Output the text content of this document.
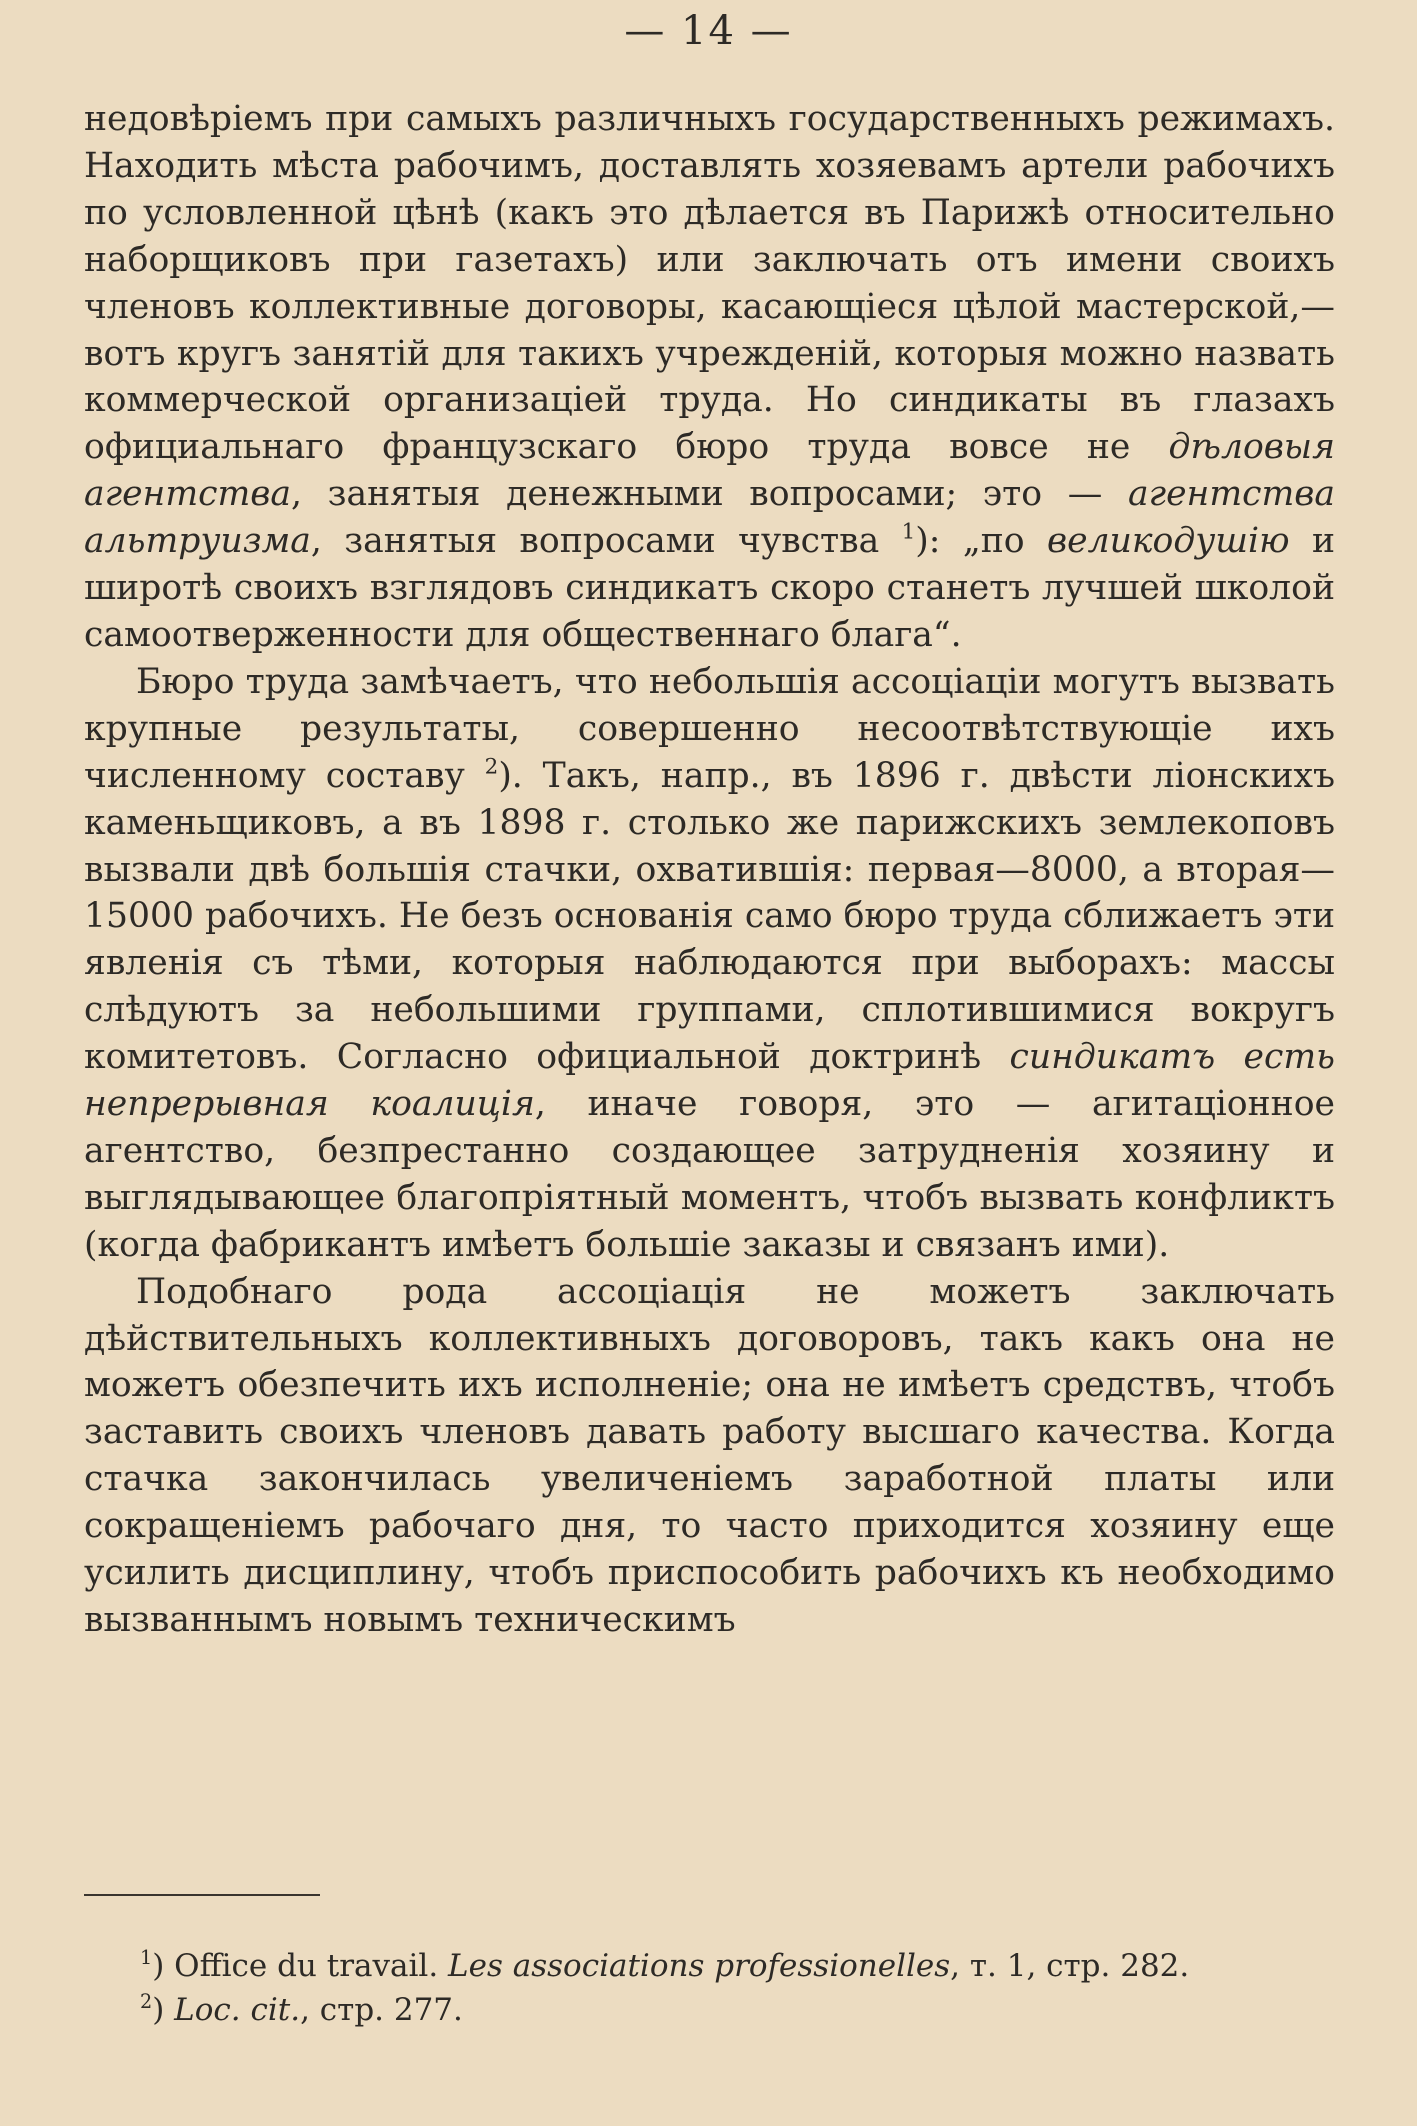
— 14 —

недовѣріемъ при самыхъ различныхъ государственныхъ режимахъ. Находить мѣста рабочимъ, доставлять хозяевамъ артели рабочихъ по условленной цѣнѣ (какъ это дѣлается въ Парижѣ относительно наборщиковъ при газетахъ) или заключать отъ имени своихъ членовъ коллективные договоры, касающіеся цѣлой мастерской,—вотъ кругъ занятій для такихъ учрежденій, которыя можно назвать коммерческой организаціей труда. Но синдикаты въ глазахъ официальнаго французскаго бюро труда вовсе не дѣловыя агентства, занятыя денежными вопросами; это — агентства альтруизма, занятыя вопросами чувства $^1$): „по великодушію и широтѣ своихъ взглядовъ синдикатъ скоро станетъ лучшей школой самоотверженности для общественнаго блага“.

Бюро труда замѣчаетъ, что небольшія ассоціаціи могутъ вызвать крупные результаты, совершенно несоотвѣтствующіе ихъ численному составу $^2$). Такъ, напр., въ 1896 г. двѣсти ліонскихъ каменьщиковъ, а въ 1898 г. столько же парижскихъ землекоповъ вызвали двѣ большія стачки, охватившія: первая—8000, а вторая—15000 рабочихъ. Не безъ основанія само бюро труда сближаетъ эти явленія съ тѣми, которыя наблюдаются при выборахъ: массы слѣдуютъ за небольшими группами, сплотившимися вокругъ комитетовъ. Согласно официальной доктринѣ синдикатъ есть непрерывная коалиція, иначе говоря, это — агитаціонное агентство, безпрестанно создающее затрудненія хозяину и выглядывающее благопріятный моментъ, чтобъ вызвать конфликтъ (когда фабрикантъ имѣетъ большіе заказы и связанъ ими).

Подобнаго рода ассоціація не можетъ заключать дѣйствительныхъ коллективныхъ договоровъ, такъ какъ она не можетъ обезпечить ихъ исполненіе; она не имѣетъ средствъ, чтобъ заставить своихъ членовъ давать работу высшаго качества. Когда стачка закончилась увеличеніемъ заработной платы или сокращеніемъ рабочаго дня, то часто приходится хозяину еще усилить дисциплину, чтобъ приспособить рабочихъ къ необходимо вызваннымъ новымъ техническимъ

$^1$) Office du travail. Les associations professionelles, т. 1, стр. 282.
$^2$) Loc. cit., стр. 277.
